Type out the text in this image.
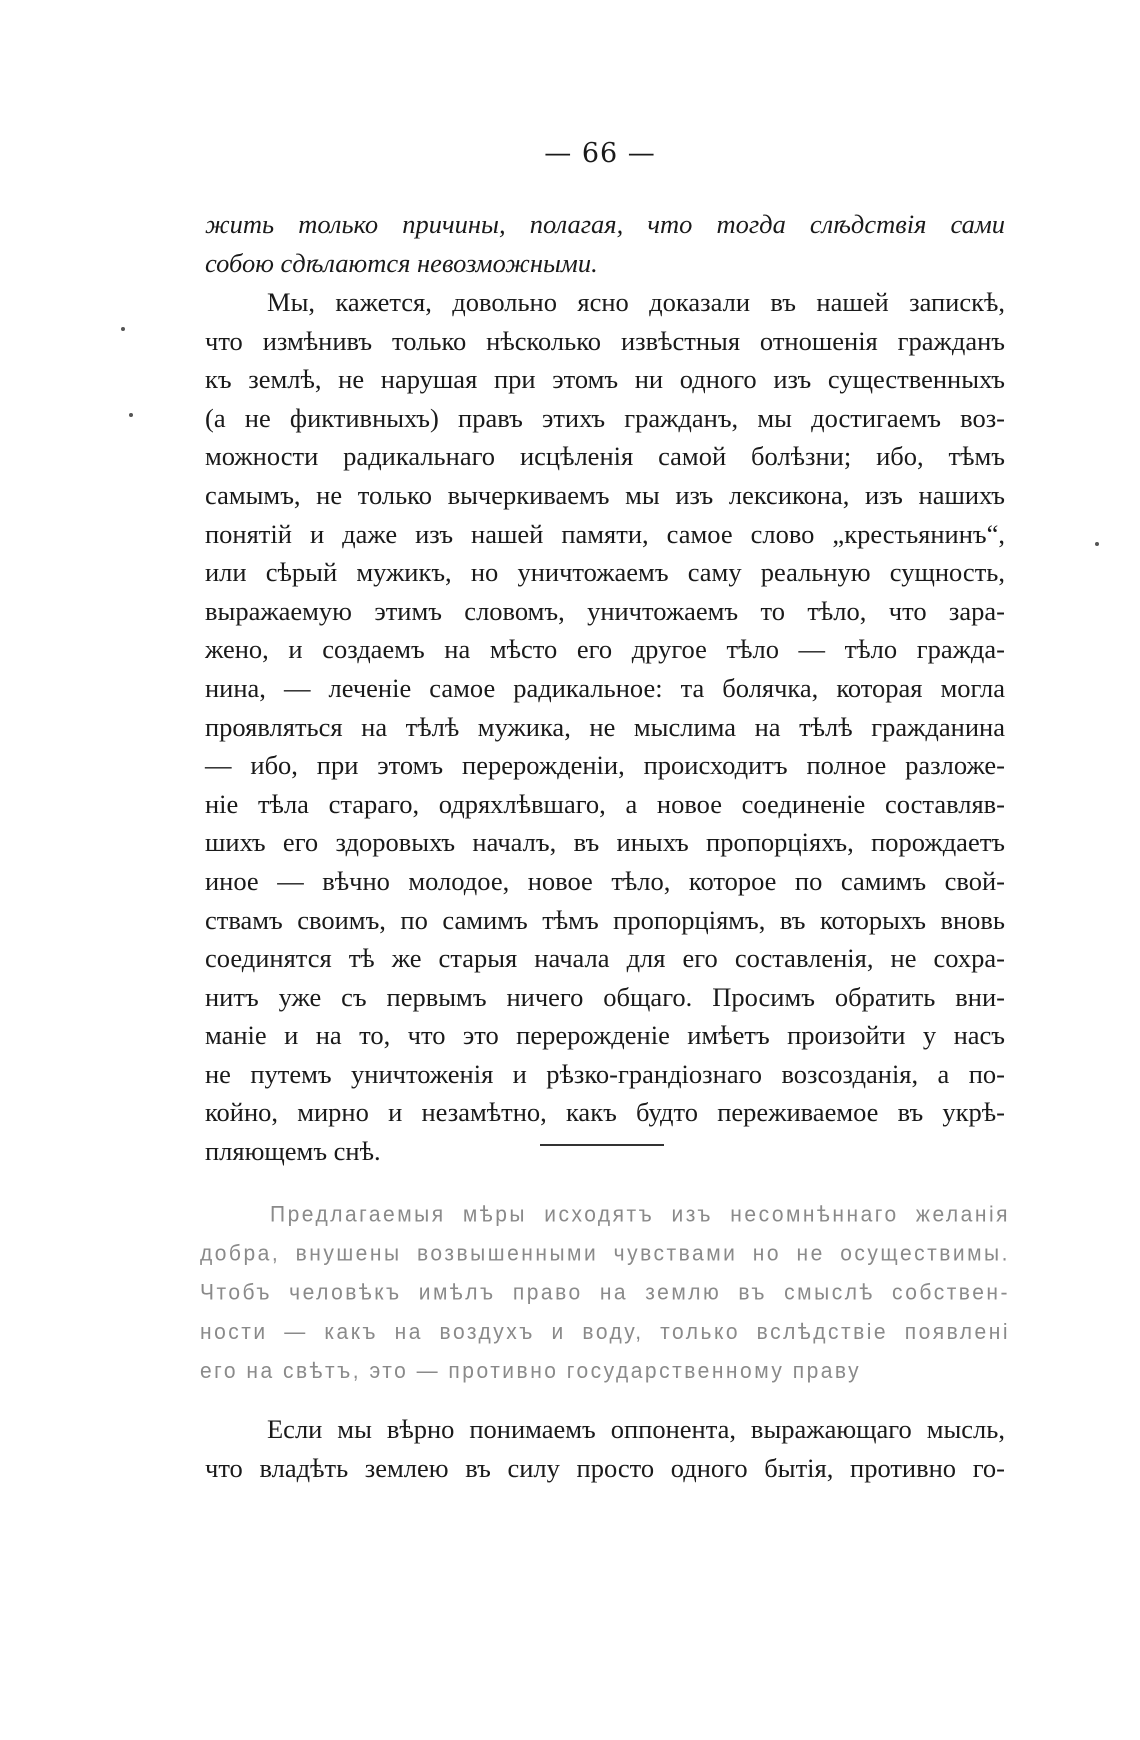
— 66 —
жить только причины, полагая, что тогда слѣдствія сами
собою сдѣлаются невозможными.
Мы, кажется, довольно ясно доказали въ нашей запискѣ,
что измѣнивъ только нѣсколько извѣстныя отношенія гражданъ
къ землѣ, не нарушая при этомъ ни одного изъ существенныхъ
(а не фиктивныхъ) правъ этихъ гражданъ, мы достигаемъ воз-
можности радикальнаго исцѣленія самой болѣзни; ибо, тѣмъ
самымъ, не только вычеркиваемъ мы изъ лексикона, изъ нашихъ
понятій и даже изъ нашей памяти, самое слово „крестьянинъ“,
или сѣрый мужикъ, но уничтожаемъ саму реальную сущность,
выражаемую этимъ словомъ, уничтожаемъ то тѣло, что зара-
жено, и создаемъ на мѣсто его другое тѣло — тѣло гражда-
нина, — леченіе самое радикальное: та болячка, которая могла
проявляться на тѣлѣ мужика, не мыслима на тѣлѣ гражданина
— ибо, при этомъ перерожденіи, происходитъ полное разложе-
ніе тѣла стараго, одряхлѣвшаго, а новое соединеніе составляв-
шихъ его здоровыхъ началъ, въ иныхъ пропорціяхъ, порождаетъ
иное — вѣчно молодое, новое тѣло, которое по самимъ свой-
ствамъ своимъ, по самимъ тѣмъ пропорціямъ, въ которыхъ вновь
соединятся тѣ же старыя начала для его составленія, не сохра-
нитъ уже съ первымъ ничего общаго. Просимъ обратить вни-
маніе и на то, что это перерожденіе имѣетъ произойти у насъ
не путемъ уничтоженія и рѣзко-грандіознаго возсозданія, а по-
койно, мирно и незамѣтно, какъ будто переживаемое въ укрѣ-
пляющемъ снѣ.
Предлагаемыя мѣры исходятъ изъ несомнѣннаго желанія
добра, внушены возвышенными чувствами но не осуществимы.
Чтобъ человѣкъ имѣлъ право на землю въ смыслѣ собствен-
ности — какъ на воздухъ и воду, только вслѣдствіе появлені
его на свѣтъ, это — противно государственному праву
Если мы вѣрно понимаемъ оппонента, выражающаго мысль,
что владѣть землею въ силу просто одного бытія, противно го-
